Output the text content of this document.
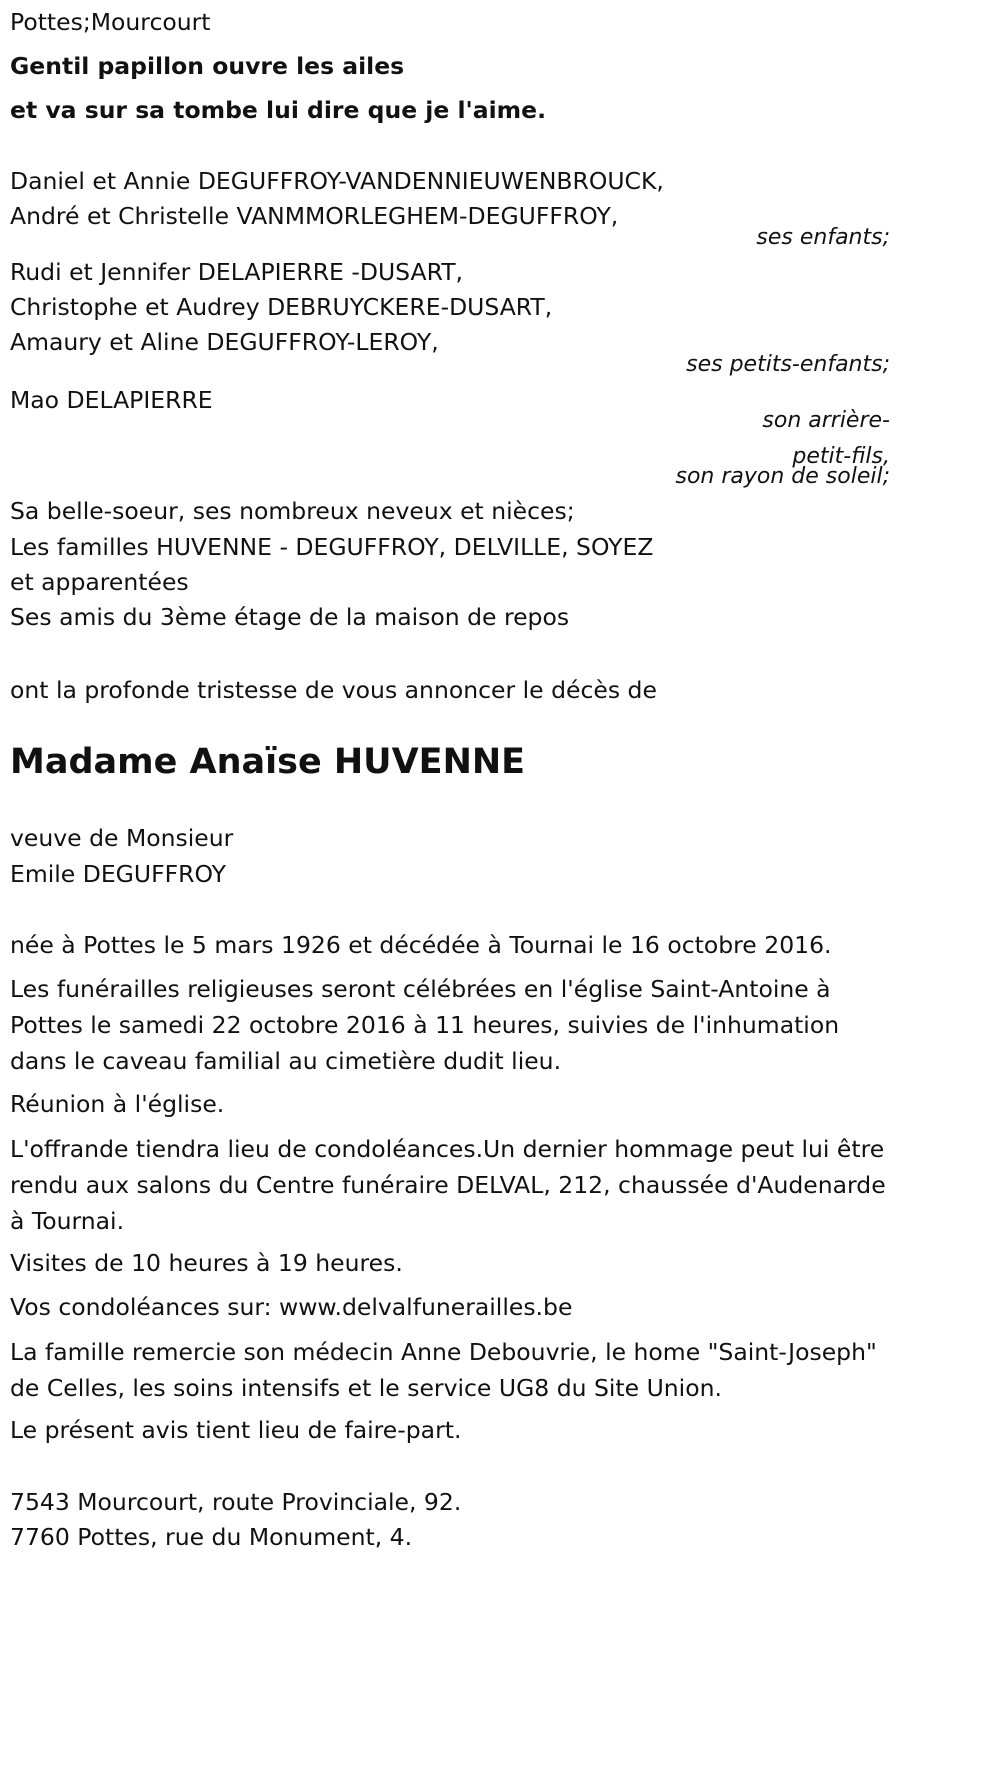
Pottes;Mourcourt
Gentil papillon ouvre les ailes
et va sur sa tombe lui dire que je l'aime.
Daniel et Annie DEGUFFROY-VANDENNIEUWENBROUCK,
André et Christelle VANMMORLEGHEM-DEGUFFROY,
ses enfants;
Rudi et Jennifer DELAPIERRE -DUSART,
Christophe et Audrey DEBRUYCKERE-DUSART,
Amaury et Aline DEGUFFROY-LEROY,
ses petits-enfants;
Mao DELAPIERRE
son arrière-
petit-fils,
son rayon de soleil;
Sa belle-soeur, ses nombreux neveux et nièces;
Les familles HUVENNE - DEGUFFROY, DELVILLE, SOYEZ
et apparentées
Ses amis du 3ème étage de la maison de repos
ont la profonde tristesse de vous annoncer le décès de
Madame Anaïse HUVENNE
veuve de Monsieur
Emile DEGUFFROY
née à Pottes le 5 mars 1926 et décédée à Tournai le 16 octobre 2016.
Les funérailles religieuses seront célébrées en l'église Saint-Antoine à Pottes le samedi 22 octobre 2016 à 11 heures, suivies de l'inhumation dans le caveau familial au cimetière dudit lieu.
Réunion à l'église.
L'offrande tiendra lieu de condoléances.Un dernier hommage peut lui être rendu aux salons du Centre funéraire DELVAL, 212, chaussée d'Audenarde à Tournai.
Visites de 10 heures à 19 heures.
Vos condoléances sur: www.delvalfunerailles.be
La famille remercie son médecin Anne Debouvrie, le home "Saint-Joseph" de Celles, les soins intensifs et le service UG8 du Site Union.
Le présent avis tient lieu de faire-part.
7543 Mourcourt, route Provinciale, 92.
7760 Pottes, rue du Monument, 4.
